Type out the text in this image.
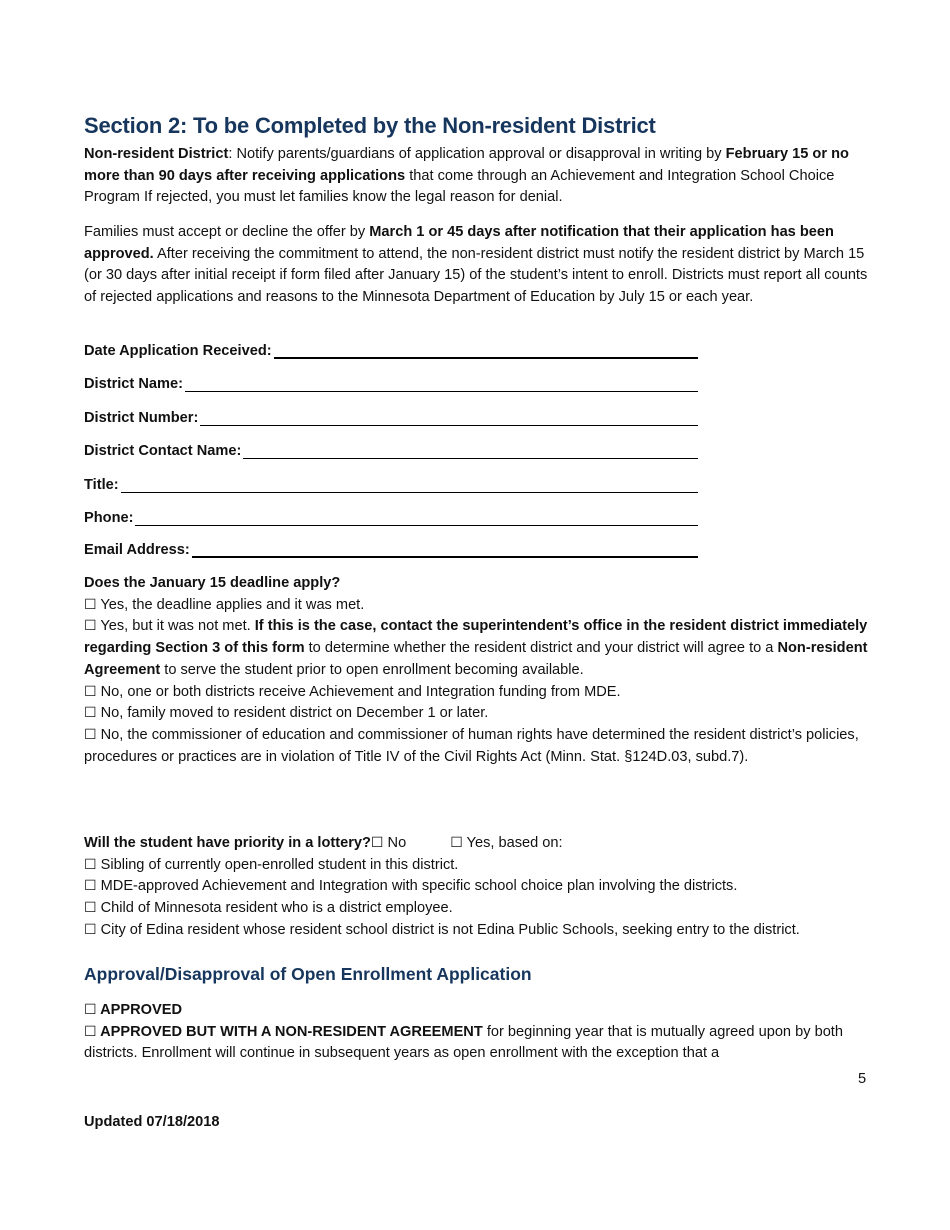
Section 2: To be Completed by the Non-resident District

Non-resident District: Notify parents/guardians of application approval or disapproval in writing by February 15 or no more than 90 days after receiving applications that come through an Achievement and Integration School Choice Program If rejected, you must let families know the legal reason for denial.

Families must accept or decline the offer by March 1 or 45 days after notification that their application has been approved. After receiving the commitment to attend, the non-resident district must notify the resident district by March 15 (or 30 days after initial receipt if form filed after January 15) of the student’s intent to enroll. Districts must report all counts of rejected applications and reasons to the Minnesota Department of Education by July 15 or each year.

Date Application Received:
District Name:
District Number:
District Contact Name:
Title:
Phone:
Email Address:
Does the January 15 deadline apply?
☐ Yes, the deadline applies and it was met.
☐ Yes, but it was not met. If this is the case, contact the superintendent’s office in the resident district immediately regarding Section 3 of this form to determine whether the resident district and your district will agree to a Non-resident Agreement to serve the student prior to open enrollment becoming available.
☐ No, one or both districts receive Achievement and Integration funding from MDE.
☐ No, family moved to resident district on December 1 or later.
☐ No, the commissioner of education and commissioner of human rights have determined the resident district’s policies, procedures or practices are in violation of Title IV of the Civil Rights Act (Minn. Stat. §124D.03, subd.7).
Will the student have priority in a lottery?☐ No	☐ Yes, based on:
☐ Sibling of currently open-enrolled student in this district.
☐ MDE-approved Achievement and Integration with specific school choice plan involving the districts.
☐ Child of Minnesota resident who is a district employee.
☐ City of Edina resident whose resident school district is not Edina Public Schools, seeking entry to the district.
Approval/Disapproval of Open Enrollment Application
☐ APPROVED
☐ APPROVED BUT WITH A NON-RESIDENT AGREEMENT for beginning year that is mutually agreed upon by both districts. Enrollment will continue in subsequent years as open enrollment with the exception that a
5
Updated 07/18/2018
